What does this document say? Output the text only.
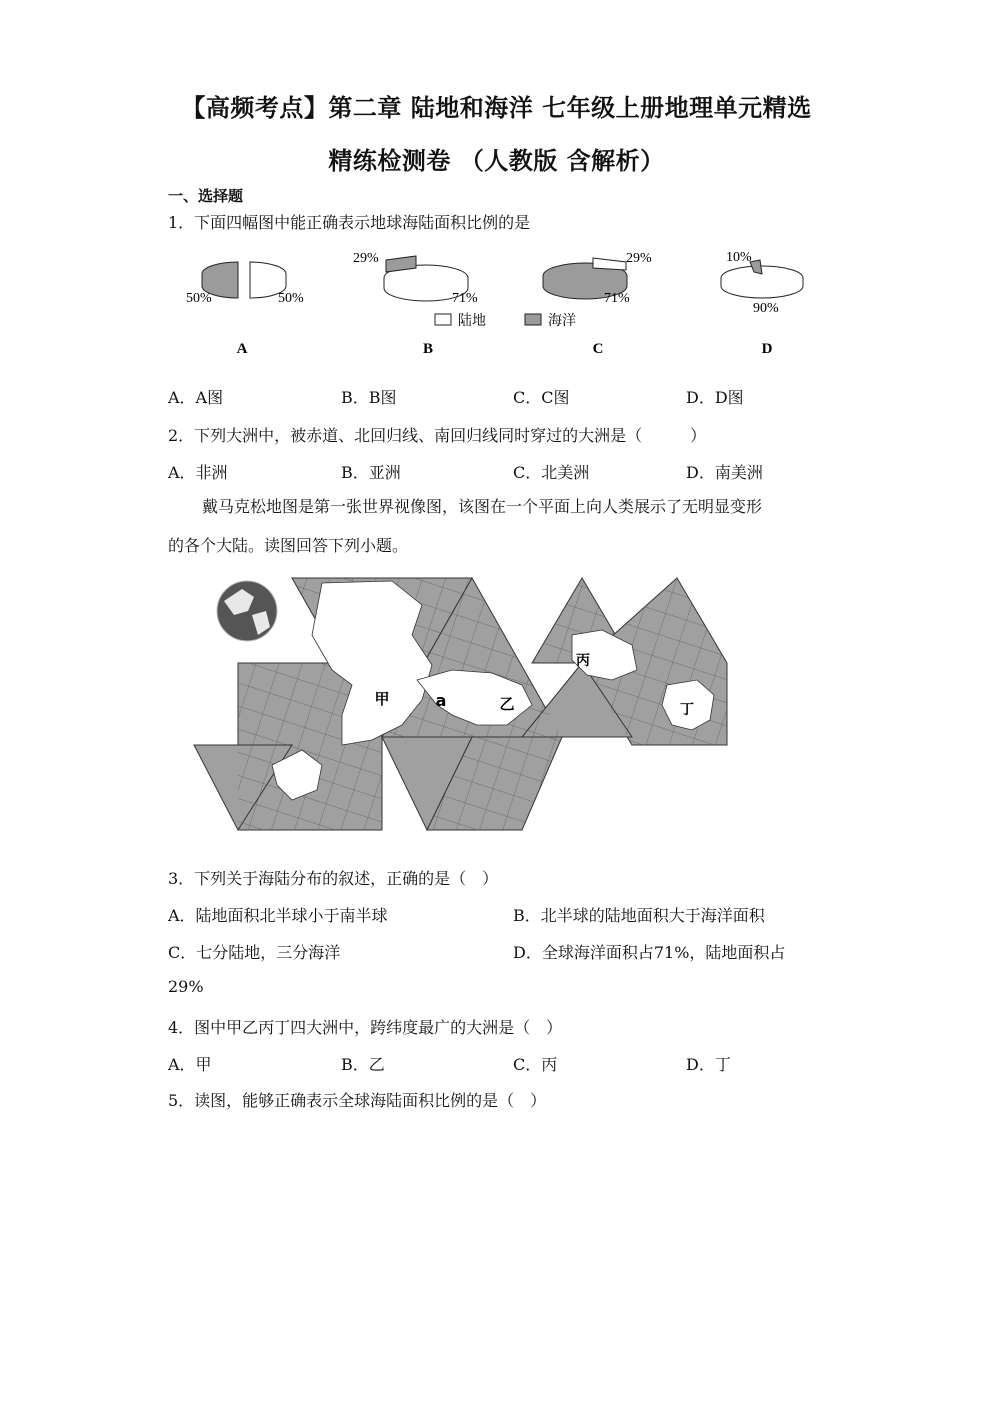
【高频考点】第二章 陆地和海洋 七年级上册地理单元精选
精练检测卷 （人教版 含解析）
一、选择题
1．下面四幅图中能正确表示地球海陆面积比例的是
50%	50%
A
29%
71%
B
29%
71%
C
10%
90%
D
陆地	海洋
A．A图	B．B图	C．C图	D．D图
2．下列大洲中，被赤道、北回归线、南回归线同时穿过的大洲是（　　　）
A．非洲	B．亚洲	C．北美洲	D．南美洲
戴马克松地图是第一张世界视像图，该图在一个平面上向人类展示了无明显变形
的各个大陆。读图回答下列小题。
甲	a	乙
丙
丁
3．下列关于海陆分布的叙述，正确的是（　）
A．陆地面积北半球小于南半球	B．北半球的陆地面积大于海洋面积
C．七分陆地，三分海洋	D．全球海洋面积占71%，陆地面积占
29%
4．图中甲乙丙丁四大洲中，跨纬度最广的大洲是（　）
A．甲	B．乙	C．丙	D．丁
5．读图，能够正确表示全球海陆面积比例的是（　）
